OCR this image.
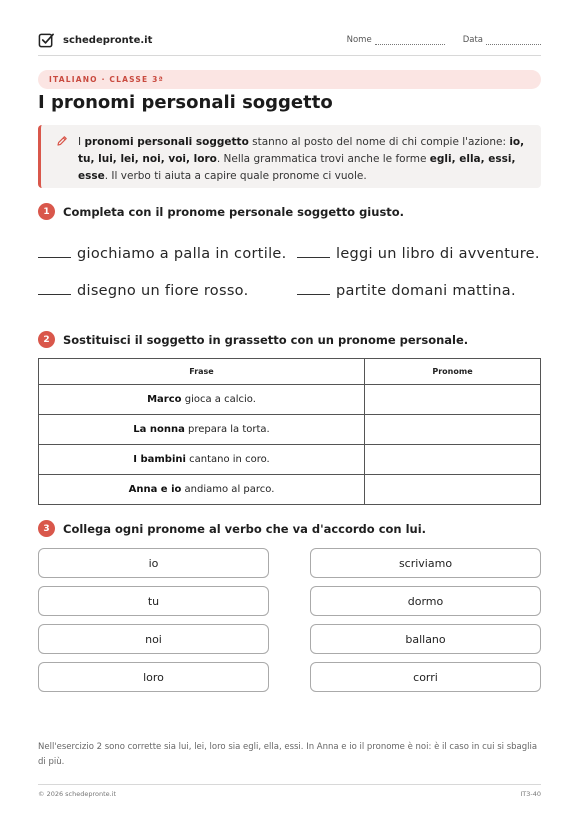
schedepronte.it	Nome	Data
ITALIANO · CLASSE 3ª
I pronomi personali soggetto
I pronomi personali soggetto stanno al posto del nome di chi compie l'azione: io, tu, lui, lei, noi, voi, loro. Nella grammatica trovi anche le forme egli, ella, essi, esse. Il verbo ti aiuta a capire quale pronome ci vuole.
1	Completa con il pronome personale soggetto giusto.
giochiamo a palla in cortile.	leggi un libro di avventure.
disegno un fiore rosso.	partite domani mattina.
2	Sostituisci il soggetto in grassetto con un pronome personale.
Frase	Pronome
Marco gioca a calcio.	
La nonna prepara la torta.	
I bambini cantano in coro.	
Anna e io andiamo al parco.	
3	Collega ogni pronome al verbo che va d'accordo con lui.
io	scriviamo
tu	dormo
noi	ballano
loro	corri
Nell'esercizio 2 sono corrette sia lui, lei, loro sia egli, ella, essi. In Anna e io il pronome è noi: è il caso in cui si sbaglia di più.
© 2026 schedepronte.it	IT3-40
